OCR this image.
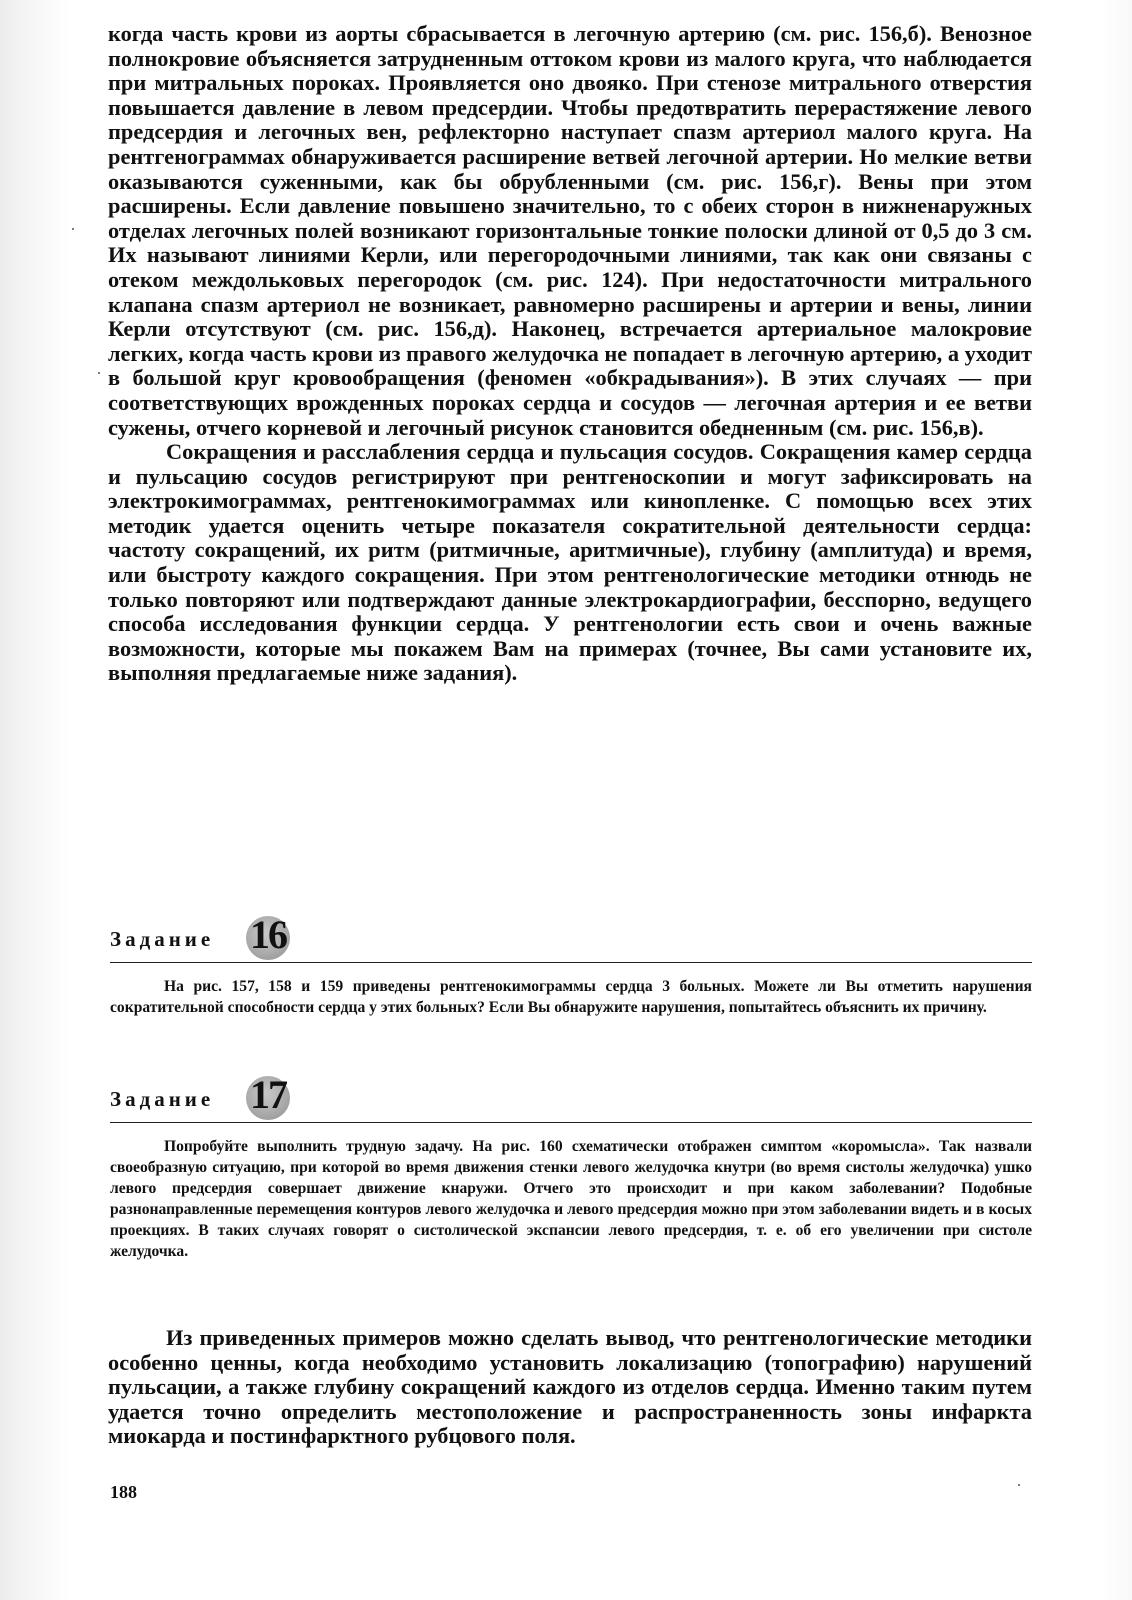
когда часть крови из аорты сбрасывается в легочную артерию (см. рис. 156,б). Венозное полнокровие объясняется затрудненным оттоком крови из малого круга, что наблюдается при митральных пороках. Проявляется оно двояко. При стенозе митрального отверстия повышается давление в левом предсердии. Чтобы предотвратить перерастяжение левого предсердия и легочных вен, рефлекторно наступает спазм артериол малого круга. На рентгенограммах обнаруживается расширение ветвей легочной артерии. Но мелкие ветви оказываются суженными, как бы обрубленными (см. рис. 156,г). Вены при этом расширены. Если давление повышено значительно, то с обеих сторон в нижненаружных отделах легочных полей возникают горизонтальные тонкие полоски длиной от 0,5 до 3 см. Их называют линиями Керли, или перегородочными линиями, так как они связаны с отеком междольковых перегородок (см. рис. 124). При недостаточности митрального клапана спазм артериол не возникает, равномерно расширены и артерии и вены, линии Керли отсутствуют (см. рис. 156,д). Наконец, встречается артериальное малокровие легких, когда часть крови из правого желудочка не попадает в легочную артерию, а уходит в большой круг кровообращения (феномен «обкрадывания»). В этих случаях — при соответствующих врожденных пороках сердца и сосудов — легочная артерия и ее ветви сужены, отчего корневой и легочный рисунок становится обедненным (см. рис. 156,в).

Сокращения и расслабления сердца и пульсация сосудов. Сокращения камер сердца и пульсацию сосудов регистрируют при рентгеноскопии и могут зафиксировать на электрокимограммах, рентгенокимограммах или кинопленке. С помощью всех этих методик удается оценить четыре показателя сократительной деятельности сердца: частоту сокращений, их ритм (ритмичные, аритмичные), глубину (амплитуда) и время, или быстроту каждого сокращения. При этом рентгенологические методики отнюдь не только повторяют или подтверждают данные электрокардиографии, бесспорно, ведущего способа исследования функции сердца. У рентгенологии есть свои и очень важные возможности, которые мы покажем Вам на примерах (точнее, Вы сами установите их, выполняя предлагаемые ниже задания).

Задание 16

На рис. 157, 158 и 159 приведены рентгенокимограммы сердца 3 больных. Можете ли Вы отметить нарушения сократительной способности сердца у этих больных? Если Вы обнаружите нарушения, попытайтесь объяснить их причину.

Задание 17

Попробуйте выполнить трудную задачу. На рис. 160 схематически отображен симптом «коромысла». Так назвали своеобразную ситуацию, при которой во время движения стенки левого желудочка кнутри (во время систолы желудочка) ушко левого предсердия совершает движение кнаружи. Отчего это происходит и при каком заболевании? Подобные разнонаправленные перемещения контуров левого желудочка и левого предсердия можно при этом заболевании видеть и в косых проекциях. В таких случаях говорят о систолической экспансии левого предсердия, т. е. об его увеличении при систоле желудочка.

Из приведенных примеров можно сделать вывод, что рентгенологические методики особенно ценны, когда необходимо установить локализацию (топографию) нарушений пульсации, а также глубину сокращений каждого из отделов сердца. Именно таким путем удается точно определить местоположение и распространенность зоны инфаркта миокарда и постинфарктного рубцового поля.

188
